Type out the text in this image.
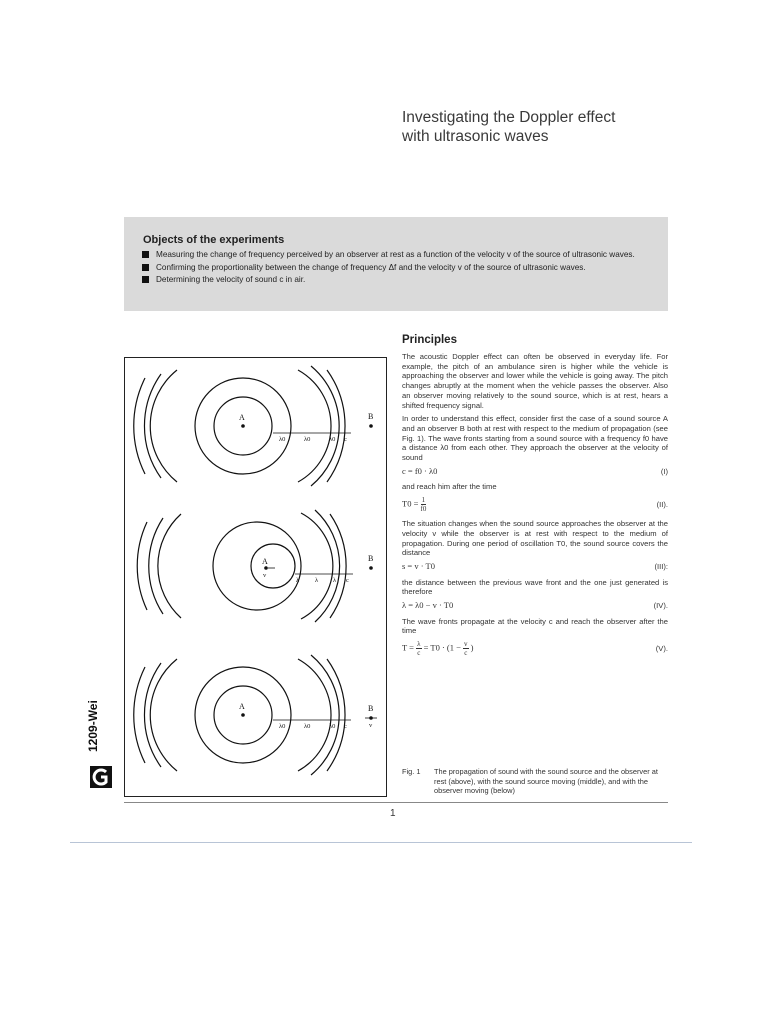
Investigating the Doppler effect
with ultrasonic waves
Objects of the experiments
Measuring the change of frequency perceived by an observer at rest as a function of the velocity v of the source of ultrasonic waves.
Confirming the proportionality between the change of frequency Δf and the velocity v of the source of ultrasonic waves.
Determining the velocity of sound c in air.
A	B
λ0	λ0	λ0 c
A
v
B
λ λ λ c
A	B
v
λ0	λ0	λ0 c
1209-Wei
Principles

The acoustic Doppler effect can often be observed in everyday life. For example, the pitch of an ambulance siren is higher while the vehicle is approaching the observer and lower while the vehicle is going away. The pitch changes abruptly at the moment when the vehicle passes the observer. Also an observer moving relatively to the sound source, which is at rest, hears a shifted frequency signal.

In order to understand this effect, consider first the case of a sound source A and an observer B both at rest with respect to the medium of propagation (see Fig. 1). The wave fronts starting from a sound source with a frequency f0 have a distance λ0 from each other. They approach the observer at the velocity of sound

c = f0 · λ0	(I)

and reach him after the time

$T0 = \frac{1}{f0}$	(II).

The situation changes when the sound source approaches the observer at the velocity v while the observer is at rest with respect to the medium of propagation. During one period of oscillation T0, the sound source covers the distance

s = v · T0	(III):

the distance between the previous wave front and the one just generated is therefore

λ = λ0 − v · T0	(IV).

The wave fronts propagate at the velocity c and reach the observer after the time

$T = \frac{\lambda}{c} = T0 \cdot (1 - \frac{v}{c}$ )	(V).
Fig. 1	The propagation of sound with the sound source and the observer at rest (above), with the sound source moving (middle), and with the observer moving (below)
1
